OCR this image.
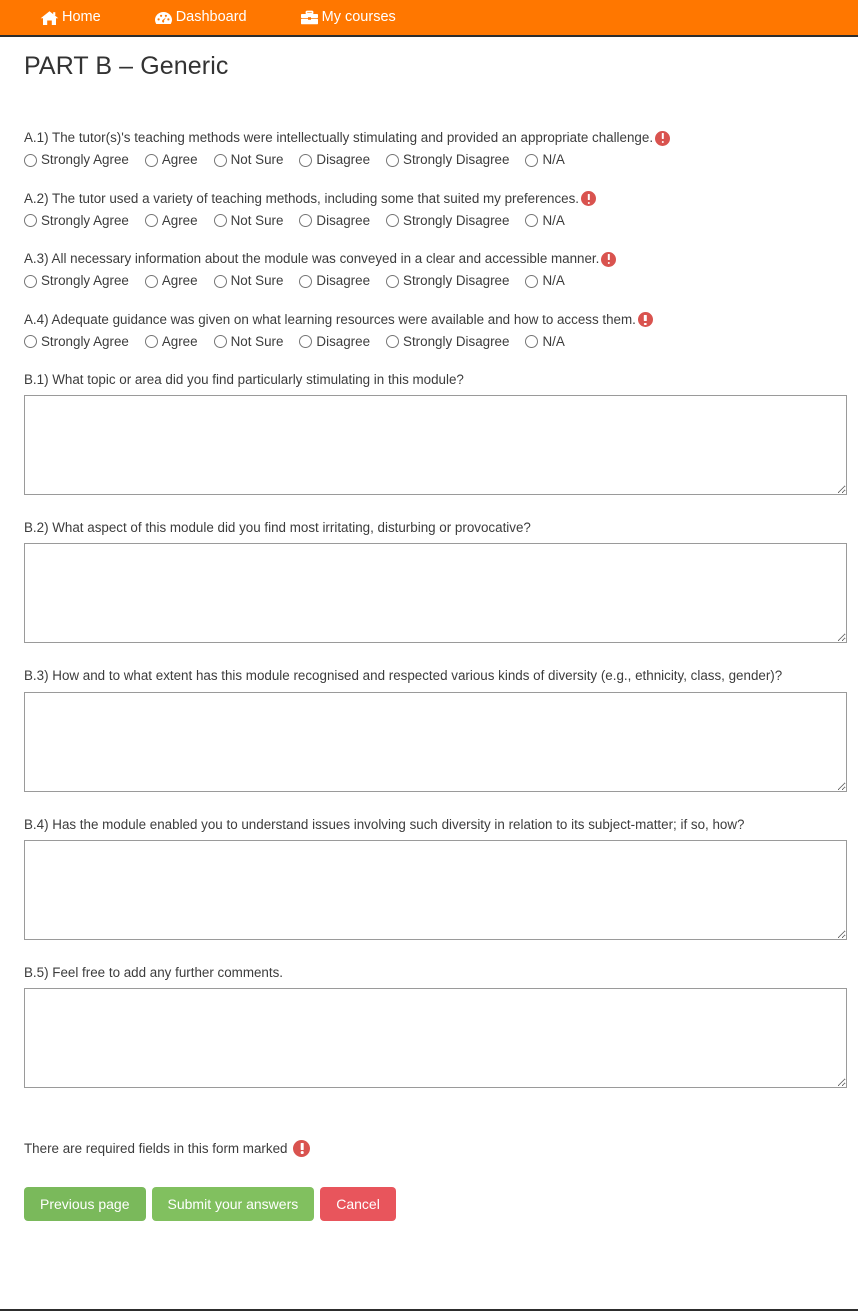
Home	Dashboard	My courses
PART B – Generic
A.1) The tutor(s)'s teaching methods were intellectually stimulating and provided an appropriate challenge.
Strongly Agree Agree Not Sure Disagree Strongly Disagree N/A
A.2) The tutor used a variety of teaching methods, including some that suited my preferences.
Strongly Agree Agree Not Sure Disagree Strongly Disagree N/A
A.3) All necessary information about the module was conveyed in a clear and accessible manner.
Strongly Agree Agree Not Sure Disagree Strongly Disagree N/A
A.4) Adequate guidance was given on what learning resources were available and how to access them.
Strongly Agree Agree Not Sure Disagree Strongly Disagree N/A
B.1) What topic or area did you find particularly stimulating in this module?
B.2) What aspect of this module did you find most irritating, disturbing or provocative?
B.3) How and to what extent has this module recognised and respected various kinds of diversity (e.g., ethnicity, class, gender)?
B.4) Has the module enabled you to understand issues involving such diversity in relation to its subject-matter; if so, how?
B.5) Feel free to add any further comments.
There are required fields in this form marked
Previous page	Submit your answers	Cancel
